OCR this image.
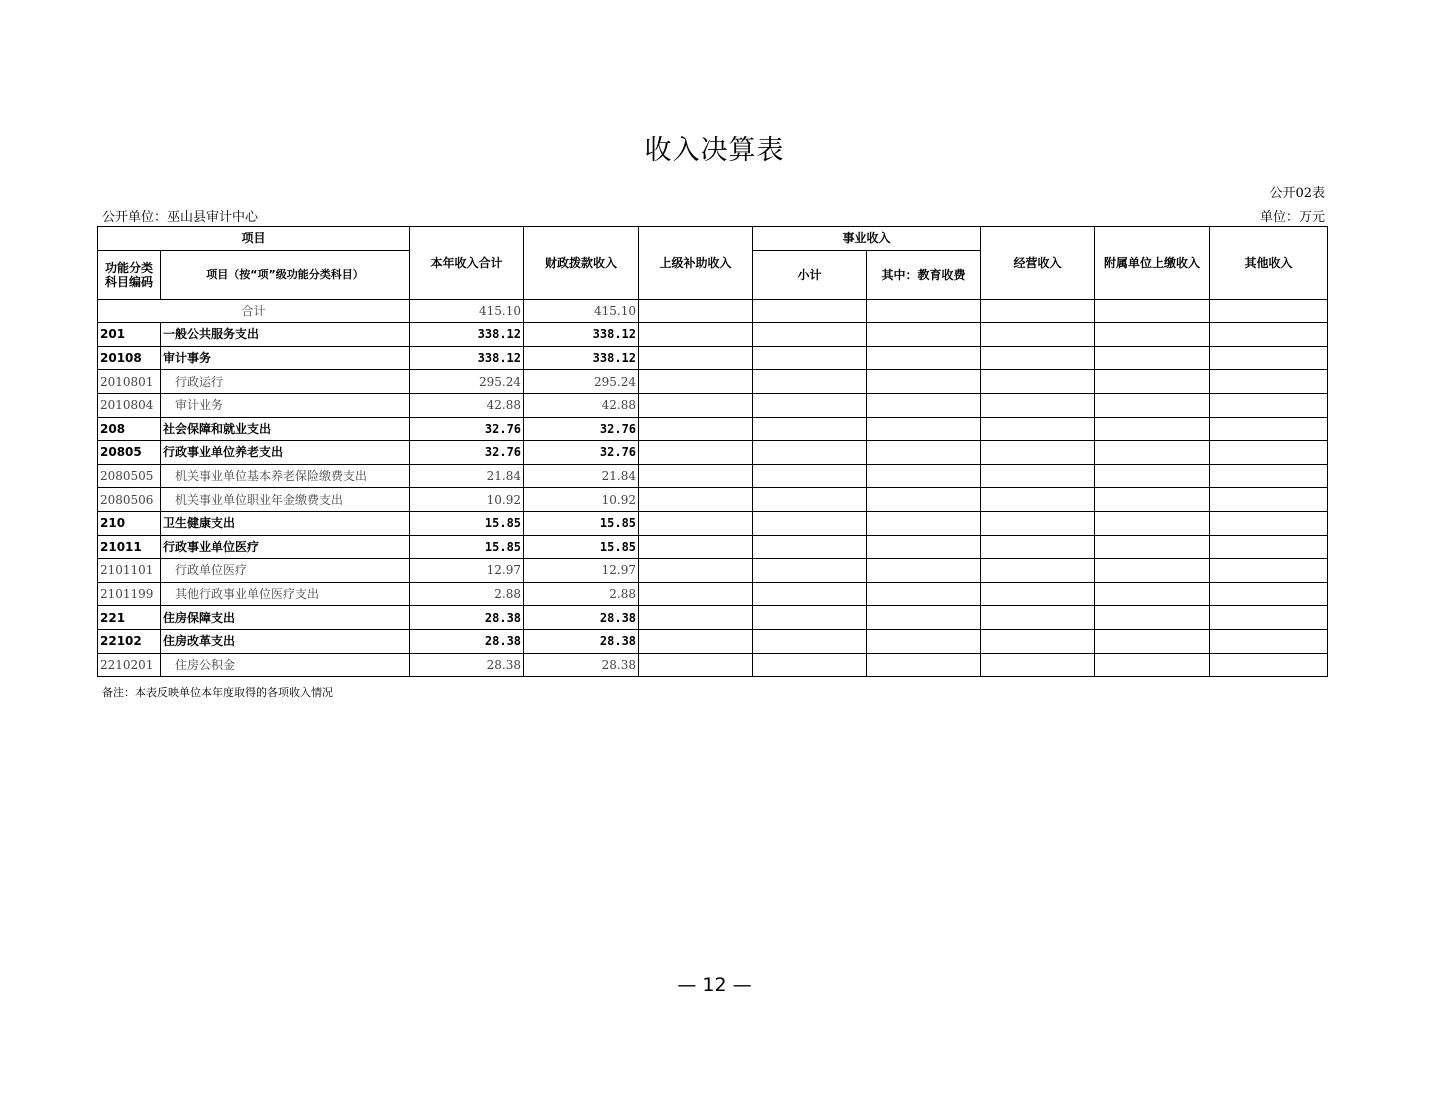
收入决算表
公开02表
公开单位：巫山县审计中心	单位：万元
项目		本年收入合计	财政拨款收入	上级补助收入	事业收入		经营收入	附属单位上缴收入	其他收入
功能分类科目编码	项目（按“项”级功能分类科目）				小计	其中：教育收费			
合计		415.10	415.10						
201	一般公共服务支出	338.12	338.12						
20108	审计事务	338.12	338.12						
2010801	行政运行	295.24	295.24						
2010804	审计业务	42.88	42.88						
208	社会保障和就业支出	32.76	32.76						
20805	行政事业单位养老支出	32.76	32.76						
2080505	机关事业单位基本养老保险缴费支出	21.84	21.84						
2080506	机关事业单位职业年金缴费支出	10.92	10.92						
210	卫生健康支出	15.85	15.85						
21011	行政事业单位医疗	15.85	15.85						
2101101	行政单位医疗	12.97	12.97						
2101199	其他行政事业单位医疗支出	2.88	2.88						
221	住房保障支出	28.38	28.38						
22102	住房改革支出	28.38	28.38						
2210201	住房公积金	28.38	28.38						
备注：本表反映单位本年度取得的各项收入情况
— 12 —
